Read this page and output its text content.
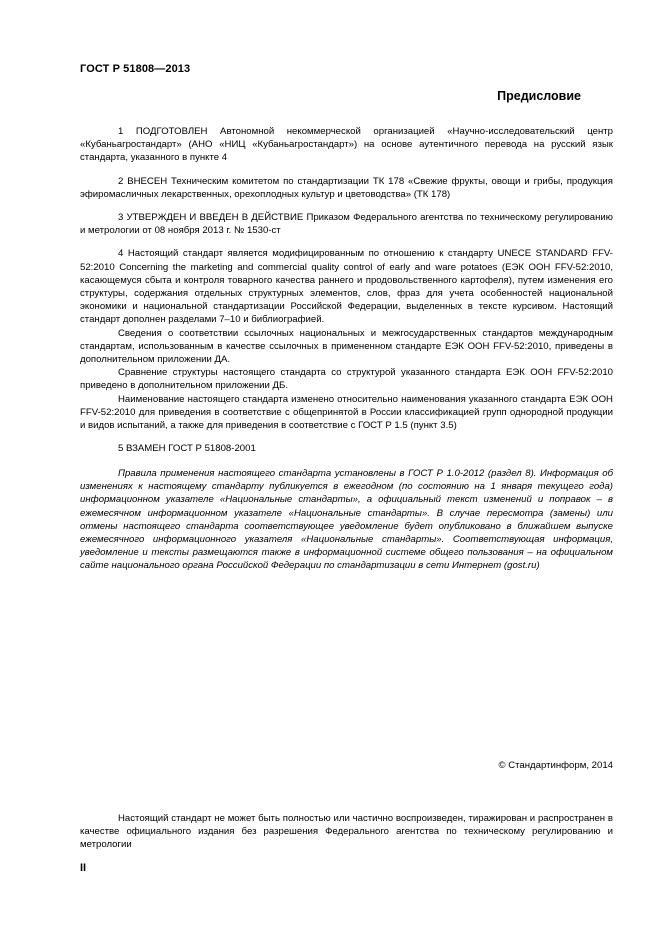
ГОСТ Р 51808—2013
Предисловие

1 ПОДГОТОВЛЕН Автономной некоммерческой организацией «Научно-исследовательский центр «Кубаньагростандарт» (АНО «НИЦ «Кубаньагростандарт») на основе аутентичного перевода на русский язык стандарта, указанного в пункте 4

2 ВНЕСЕН Техническим комитетом по стандартизации ТК 178 «Свежие фрукты, овощи и грибы, продукция эфиромасличных лекарственных, орехоплодных культур и цветоводства» (ТК 178)

3 УТВЕРЖДЕН И ВВЕДЕН В ДЕЙСТВИЕ Приказом Федерального агентства по техническому регулированию и метрологии от 08 ноября 2013 г. № 1530-ст

4 Настоящий стандарт является модифицированным по отношению к стандарту UNECE STANDARD FFV-52:2010 Concerning the marketing and commercial quality control of early and ware potatoes (ЕЭК ООН FFV-52:2010, касающемуся сбыта и контроля товарного качества раннего и продовольственного картофеля), путем изменения его структуры, содержания отдельных структурных элементов, слов, фраз для учета особенностей национальной экономики и национальной стандартизации Российской Федерации, выделенных в тексте курсивом. Настоящий стандарт дополнен разделами 7–10 и библиографией.

Сведения о соответствии ссылочных национальных и межгосударственных стандартов международным стандартам, использованным в качестве ссылочных в примененном стандарте ЕЭК ООН FFV-52:2010, приведены в дополнительном приложении ДА.

Сравнение структуры настоящего стандарта со структурой указанного стандарта ЕЭК ООН FFV-52:2010 приведено в дополнительном приложении ДБ.

Наименование настоящего стандарта изменено относительно наименования указанного стандарта ЕЭК ООН FFV-52:2010 для приведения в соответствие с общепринятой в России классификацией групп однородной продукции и видов испытаний, а также для приведения в соответствие с ГОСТ Р 1.5 (пункт 3.5)

5 ВЗАМЕН ГОСТ Р 51808-2001

Правила применения настоящего стандарта установлены в ГОСТ Р 1.0-2012 (раздел 8). Информация об изменениях к настоящему стандарту публикуется в ежегодном (по состоянию на 1 января текущего года) информационном указателе «Национальные стандарты», а официальный текст изменений и поправок – в ежемесячном информационном указателе «Национальные стандарты». В случае пересмотра (замены) или отмены настоящего стандарта соответствующее уведомление будет опубликовано в ближайшем выпуске ежемесячного информационного указателя «Национальные стандарты». Соответствующая информация, уведомление и тексты размещаются также в информационной системе общего пользования – на официальном сайте национального органа Российской Федерации по стандартизации в сети Интернет (gost.ru)

© Стандартинформ, 2014

Настоящий стандарт не может быть полностью или частично воспроизведен, тиражирован и распространен в качестве официального издания без разрешения Федерального агентства по техническому регулированию и метрологии

II
